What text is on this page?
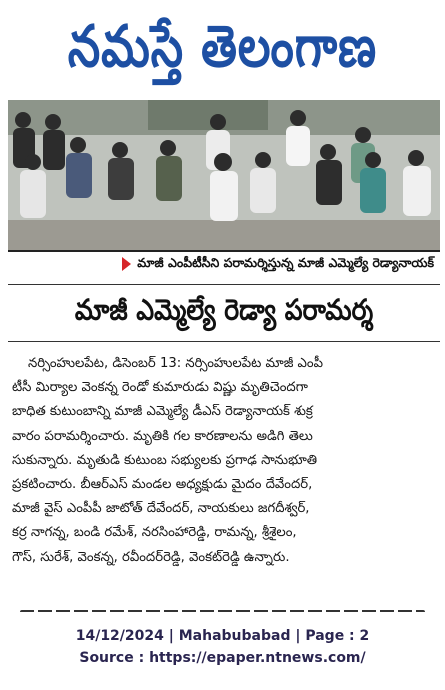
నమస్తే తెలంగాణ
మాజీ ఎంపీటీసీని పరామర్శిస్తున్న మాజీ ఎమ్మెల్యే రెడ్యానాయక్
మాజీ ఎమ్మెల్యే రెడ్యా పరామర్శ
నర్సింహులపేట, డిసెంబర్ 13: నర్సింహులపేట మాజీ ఎంపీ
టీసీ మిర్యాల వెంకన్న రెండో కుమారుడు విష్ణు మృతిచెందగా
బాధిత కుటుంబాన్ని మాజీ ఎమ్మెల్యే డీఎస్ రెడ్యానాయక్ శుక్ర
వారం పరామర్శించారు. మృతికి గల కారణాలను అడిగి తెలు
సుకున్నారు. మృతుడి కుటుంబ సభ్యులకు ప్రగాఢ సానుభూతి
ప్రకటించారు. బీఆర్ఎస్ మండల అధ్యక్షుడు మైదం దేవేందర్,
మాజీ వైస్ ఎంపీపీ జాటోత్ దేవేందర్, నాయకులు జగదీశ్వర్,
కర్ర నాగన్న, బండి రమేశ్, నరసింహారెడ్డి, రామన్న, శ్రీశైలం,
గౌస్, సురేశ్, వెంకన్న, రవీందర్‌రెడ్డి, వెంకట్‌రెడ్డి ఉన్నారు.
14/12/2024 | Mahabubabad | Page : 2
Source : https://epaper.ntnews.com/
